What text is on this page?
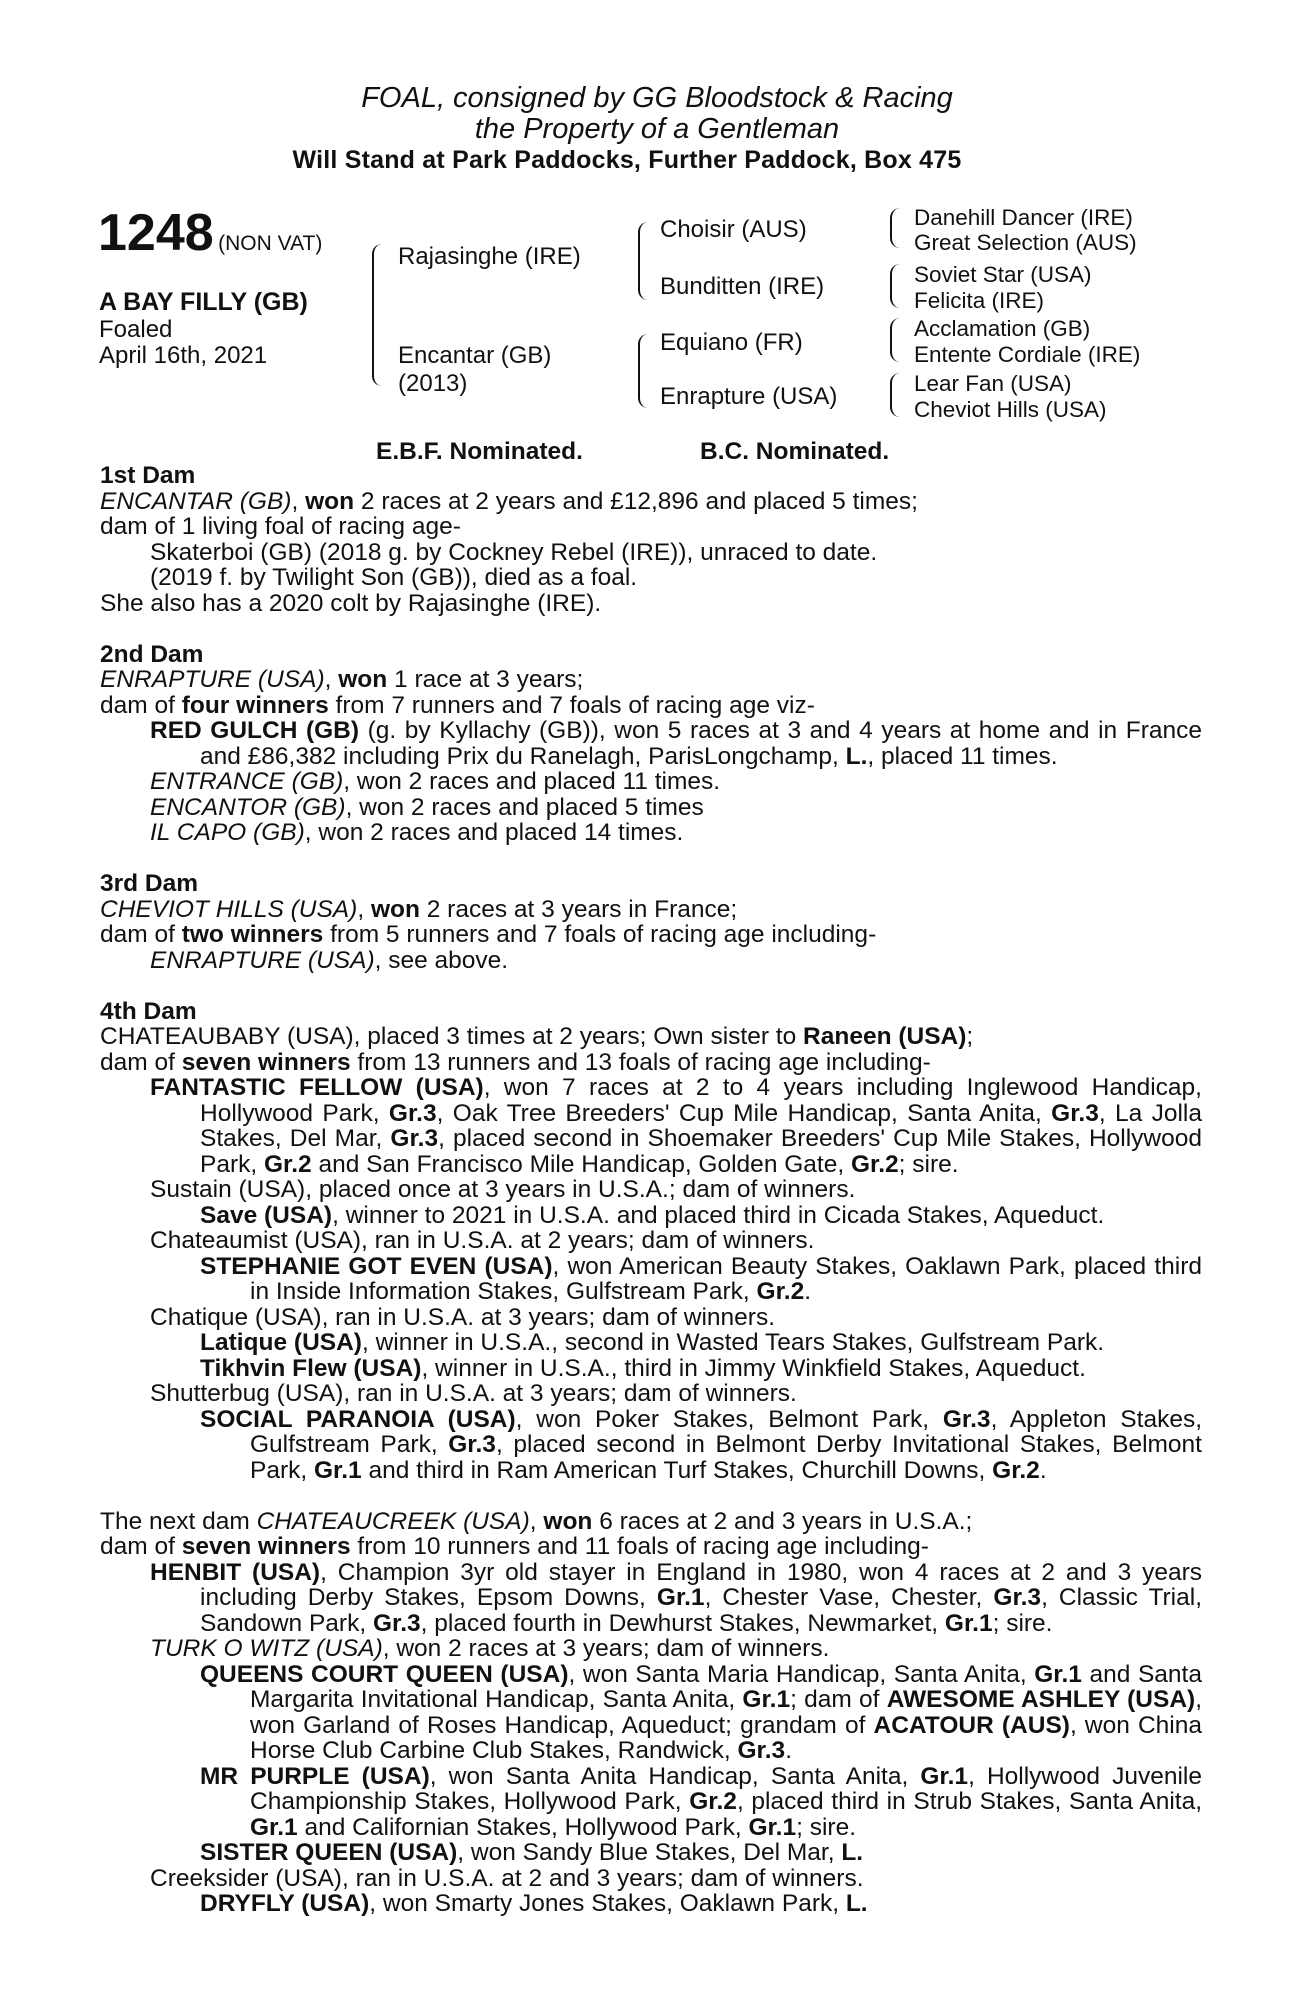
FOAL, consigned by GG Bloodstock & Racing
the Property of a Gentleman
Will Stand at Park Paddocks, Further Paddock, Box 475
1248 (NON VAT)
A BAY FILLY (GB)
Foaled
April 16th, 2021
Rajasinghe (IRE)
Encantar (GB)
(2013)
Choisir (AUS)
Bunditten (IRE)
Equiano (FR)
Enrapture (USA)
Danehill Dancer (IRE)
Great Selection (AUS)
Soviet Star (USA)
Felicita (IRE)
Acclamation (GB)
Entente Cordiale (IRE)
Lear Fan (USA)
Cheviot Hills (USA)
E.B.F. Nominated.	B.C. Nominated.

1st Dam

ENCANTAR (GB), won 2 races at 2 years and £12,896 and placed 5 times;

dam of 1 living foal of racing age-

Skaterboi (GB) (2018 g. by Cockney Rebel (IRE)), unraced to date.

(2019 f. by Twilight Son (GB)), died as a foal.

She also has a 2020 colt by Rajasinghe (IRE).

2nd Dam

ENRAPTURE (USA), won 1 race at 3 years;

dam of four winners from 7 runners and 7 foals of racing age viz-

RED GULCH (GB) (g. by Kyllachy (GB)), won 5 races at 3 and 4 years at home and in France and £86,382 including Prix du Ranelagh, ParisLongchamp, L., placed 11 times.

ENTRANCE (GB), won 2 races and placed 11 times.

ENCANTOR (GB), won 2 races and placed 5 times

IL CAPO (GB), won 2 races and placed 14 times.

3rd Dam

CHEVIOT HILLS (USA), won 2 races at 3 years in France;

dam of two winners from 5 runners and 7 foals of racing age including-

ENRAPTURE (USA), see above.

4th Dam

CHATEAUBABY (USA), placed 3 times at 2 years; Own sister to Raneen (USA);

dam of seven winners from 13 runners and 13 foals of racing age including-

FANTASTIC FELLOW (USA), won 7 races at 2 to 4 years including Inglewood Handicap, Hollywood Park, Gr.3, Oak Tree Breeders' Cup Mile Handicap, Santa Anita, Gr.3, La Jolla Stakes, Del Mar, Gr.3, placed second in Shoemaker Breeders' Cup Mile Stakes, Hollywood Park, Gr.2 and San Francisco Mile Handicap, Golden Gate, Gr.2; sire.

Sustain (USA), placed once at 3 years in U.S.A.; dam of winners.

Save (USA), winner to 2021 in U.S.A. and placed third in Cicada Stakes, Aqueduct.

Chateaumist (USA), ran in U.S.A. at 2 years; dam of winners.

STEPHANIE GOT EVEN (USA), won American Beauty Stakes, Oaklawn Park, placed third in Inside Information Stakes, Gulfstream Park, Gr.2.

Chatique (USA), ran in U.S.A. at 3 years; dam of winners.

Latique (USA), winner in U.S.A., second in Wasted Tears Stakes, Gulfstream Park.

Tikhvin Flew (USA), winner in U.S.A., third in Jimmy Winkfield Stakes, Aqueduct.

Shutterbug (USA), ran in U.S.A. at 3 years; dam of winners.

SOCIAL PARANOIA (USA), won Poker Stakes, Belmont Park, Gr.3, Appleton Stakes, Gulfstream Park, Gr.3, placed second in Belmont Derby Invitational Stakes, Belmont Park, Gr.1 and third in Ram American Turf Stakes, Churchill Downs, Gr.2.

The next dam CHATEAUCREEK (USA), won 6 races at 2 and 3 years in U.S.A.;

dam of seven winners from 10 runners and 11 foals of racing age including-

HENBIT (USA), Champion 3yr old stayer in England in 1980, won 4 races at 2 and 3 years including Derby Stakes, Epsom Downs, Gr.1, Chester Vase, Chester, Gr.3, Classic Trial, Sandown Park, Gr.3, placed fourth in Dewhurst Stakes, Newmarket, Gr.1; sire.

TURK O WITZ (USA), won 2 races at 3 years; dam of winners.

QUEENS COURT QUEEN (USA), won Santa Maria Handicap, Santa Anita, Gr.1 and Santa Margarita Invitational Handicap, Santa Anita, Gr.1; dam of AWESOME ASHLEY (USA), won Garland of Roses Handicap, Aqueduct; grandam of ACATOUR (AUS), won China Horse Club Carbine Club Stakes, Randwick, Gr.3.

MR PURPLE (USA), won Santa Anita Handicap, Santa Anita, Gr.1, Hollywood Juvenile Championship Stakes, Hollywood Park, Gr.2, placed third in Strub Stakes, Santa Anita, Gr.1 and Californian Stakes, Hollywood Park, Gr.1; sire.

SISTER QUEEN (USA), won Sandy Blue Stakes, Del Mar, L.

Creeksider (USA), ran in U.S.A. at 2 and 3 years; dam of winners.

DRYFLY (USA), won Smarty Jones Stakes, Oaklawn Park, L.
